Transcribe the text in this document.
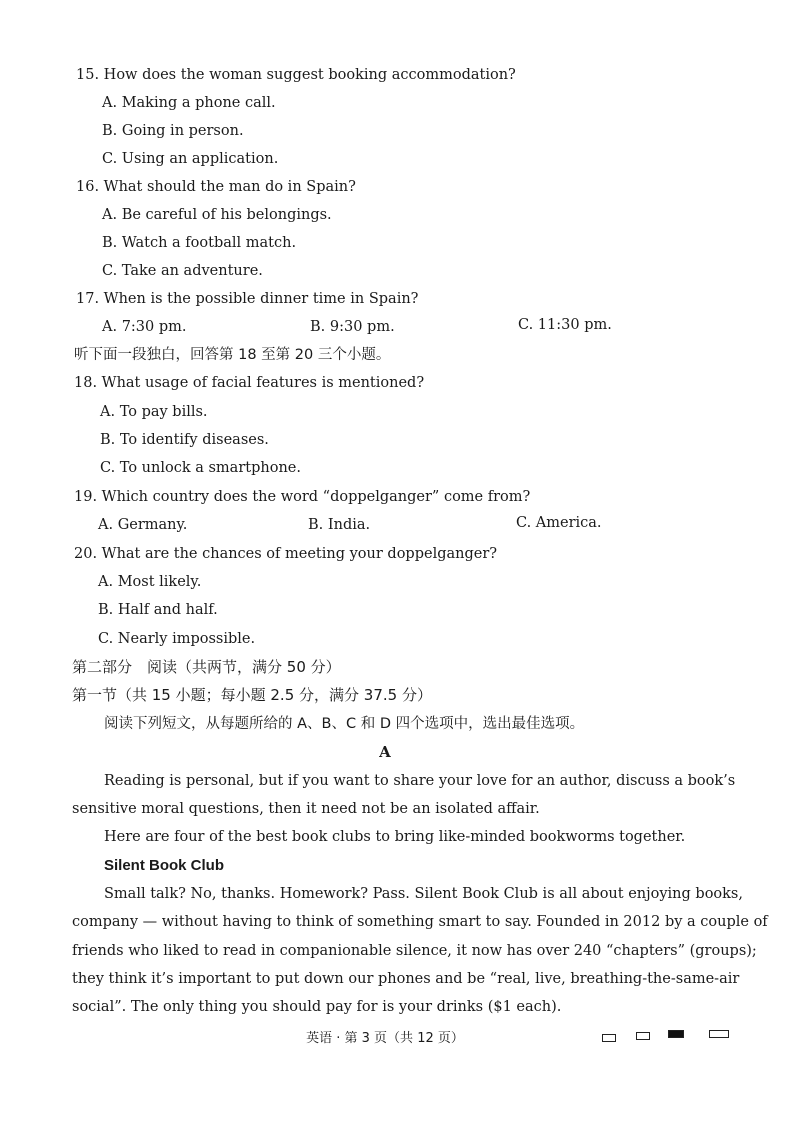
15. How does the woman suggest booking accommodation?
A. Making a phone call.
B. Going in person.
C. Using an application.
16. What should the man do in Spain?
A. Be careful of his belongings.
B. Watch a football match.
C. Take an adventure.
17. When is the possible dinner time in Spain?
A. 7:30 pm.	B. 9:30 pm.	C. 11:30 pm.
听下面一段独白，回答第 18 至第 20 三个小题。
18. What usage of facial features is mentioned?
A. To pay bills.
B. To identify diseases.
C. To unlock a smartphone.
19. Which country does the word “doppelganger” come from?
A. Germany.	B. India.	C. America.
20. What are the chances of meeting your doppelganger?
A. Most likely.
B. Half and half.
C. Nearly impossible.
第二部分　阅读（共两节，满分 50 分）
第一节（共 15 小题；每小题 2.5 分，满分 37.5 分）
阅读下列短文，从每题所给的 A、B、C 和 D 四个选项中，选出最佳选项。
A
Reading is personal, but if you want to share your love for an author, discuss a book’s
sensitive moral questions, then it need not be an isolated affair.
Here are four of the best book clubs to bring like-minded bookworms together.
Silent Book Club
Small talk? No, thanks. Homework? Pass. Silent Book Club is all about enjoying books,
company — without having to think of something smart to say. Founded in 2012 by a couple of
friends who liked to read in companionable silence, it now has over 240 “chapters” (groups);
they think it’s important to put down our phones and be “real, live, breathing-the-same-air
social”. The only thing you should pay for is your drinks ($1 each).
英语 · 第 3 页（共 12 页）
